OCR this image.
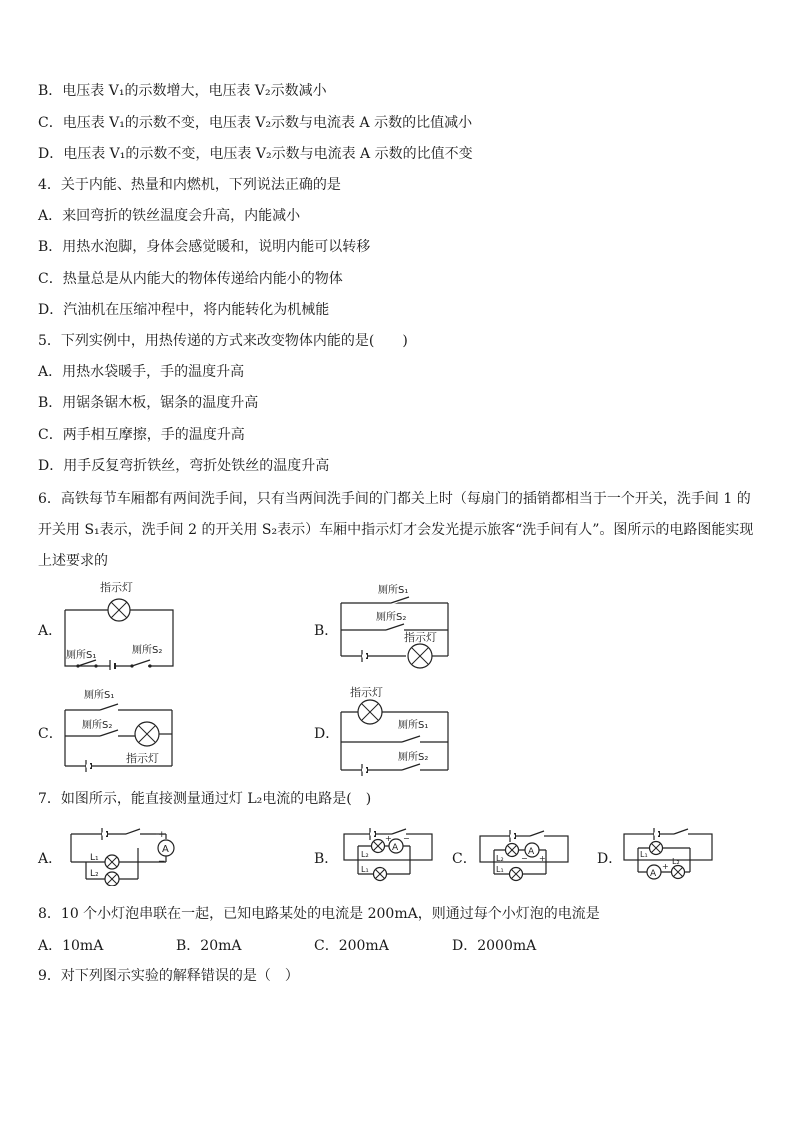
B．电压表 V₁的示数增大，电压表 V₂示数减小
C．电压表 V₁的示数不变，电压表 V₂示数与电流表 A 示数的比值减小
D．电压表 V₁的示数不变，电压表 V₂示数与电流表 A 示数的比值不变
4．关于内能、热量和内燃机，下列说法正确的是
A．来回弯折的铁丝温度会升高，内能减小
B．用热水泡脚，身体会感觉暖和，说明内能可以转移
C．热量总是从内能大的物体传递给内能小的物体
D．汽油机在压缩冲程中，将内能转化为机械能
5．下列实例中，用热传递的方式来改变物体内能的是(　　)
A．用热水袋暖手，手的温度升高
B．用锯条锯木板，锯条的温度升高
C．两手相互摩擦，手的温度升高
D．用手反复弯折铁丝，弯折处铁丝的温度升高
6．高铁每节车厢都有两间洗手间，只有当两间洗手间的门都关上时（每扇门的插销都相当于一个开关，洗手间 1 的开关用 S₁表示，洗手间 2 的开关用 S₂表示）车厢中指示灯才会发光提示旅客“洗手间有人”。图所示的电路图能实现上述要求的
A．	B．
C．	D．
指示灯
厕所S₁	厕所S₂
厕所S₁
厕所S₂
指示灯
厕所S₁
厕所S₂
指示灯
指示灯
厕所S₁
厕所S₂
7．如图所示，能直接测量通过灯 L₂电流的电路是(　)
A．	B．	C．	D．
A
+
−
L₁
L₂
L₂
A
+ −
L₁
L₂
A
− +
L₁
L₁
L₂
A
+
8．10 个小灯泡串联在一起，已知电路某处的电流是 200mA，则通过每个小灯泡的电流是
A．10mA	B．20mA	C．200mA	D．2000mA
9．对下列图示实验的解释错误的是（　）
